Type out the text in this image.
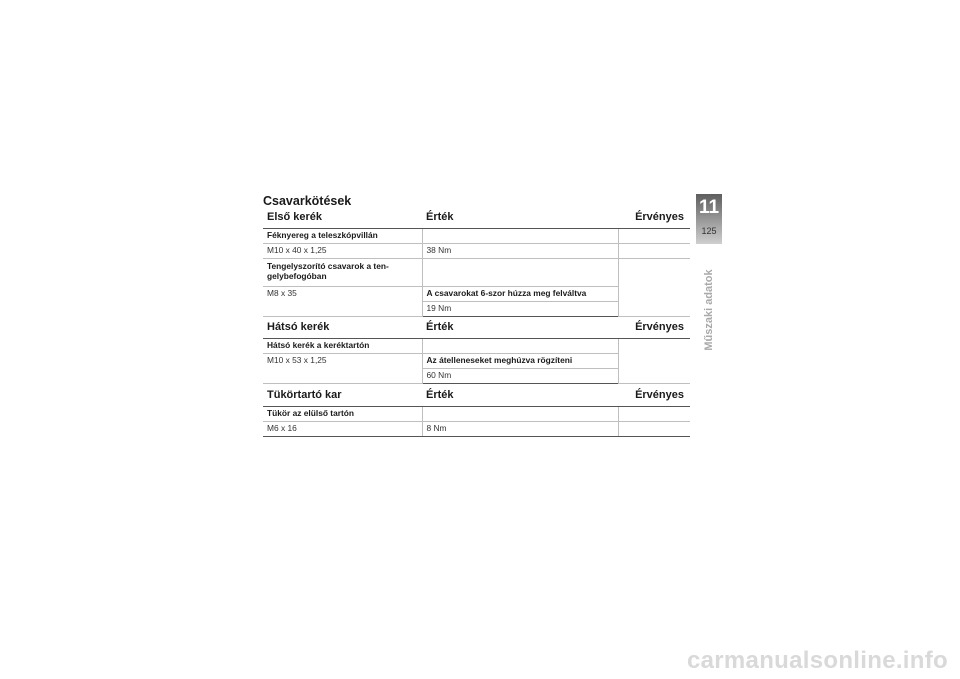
Csavarkötések
Első kerék	Érték	Érvényes
Féknyereg a teleszkópvillán		
M10 x 40 x 1,25	38 Nm	
Tengelyszorító csavarok a ten-
gelybefogóban		
M8 x 35	A csavarokat 6-szor húzza meg felváltva	
	19 Nm	
Hátsó kerék	Érték	Érvényes
Hátsó kerék a keréktartón		
M10 x 53 x 1,25	Az átelleneseket meghúzva rögzíteni	
	60 Nm	
Tükörtartó kar	Érték	Érvényes
Tükör az elülső tartón		
M6 x 16	8 Nm	
11
125
Műszaki adatok
carmanualsonline.info
